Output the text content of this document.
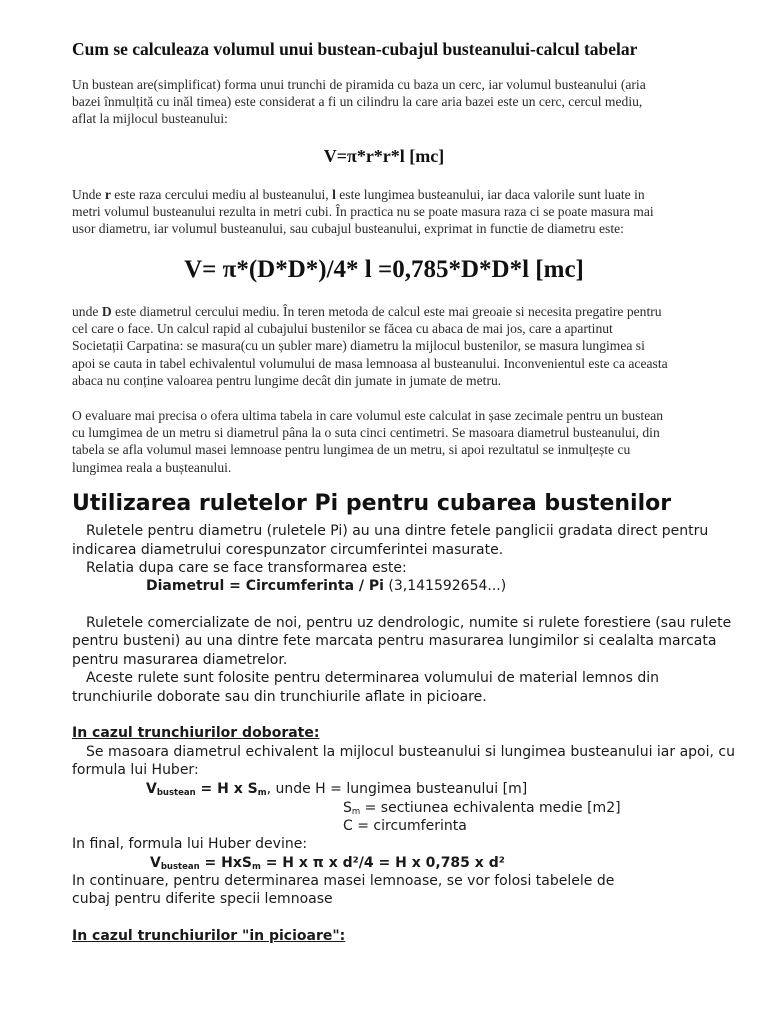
Cum se calculeaza volumul unui bustean-cubajul busteanului-calcul tabelar
Un bustean are(simplificat) forma unui trunchi de piramida cu baza un cerc, iar volumul busteanului (aria
bazei înmulțită cu inăl timea) este considerat a fi un cilindru la care aria bazei este un cerc, cercul mediu,
aflat la mijlocul busteanului:
V=π*r*r*l [mc]
Unde r este raza cercului mediu al busteanului, l este lungimea busteanului, iar daca valorile sunt luate in
metri volumul busteanului rezulta in metri cubi. În practica nu se poate masura raza ci se poate masura mai
usor diametru, iar volumul busteanului, sau cubajul busteanului, exprimat in functie de diametru este:
V= π*(D*D*)/4* l =0,785*D*D*l [mc]
unde D este diametrul cercului mediu. În teren metoda de calcul este mai greoaie si necesita pregatire pentru
cel care o face. Un calcul rapid al cubajului bustenilor se făcea cu abaca de mai jos, care a apartinut
Societații Carpatina: se masura(cu un șubler mare) diametru la mijlocul bustenilor, se masura lungimea si
apoi se cauta in tabel echivalentul volumului de masa lemnoasa al busteanului. Inconvenientul este ca aceasta
abaca nu conține valoarea pentru lungime decât din jumate in jumate de metru.
O evaluare mai precisa o ofera ultima tabela in care volumul este calculat in șase zecimale pentru un bustean
cu lumgimea de un metru si diametrul pâna la o suta cinci centimetri. Se masoara diametrul busteanului, din
tabela se afla volumul masei lemnoase pentru lungimea de un metru, si apoi rezultatul se inmulțește cu
lungimea reala a bușteanului.
Utilizarea ruletelor Pi pentru cubarea bustenilor
Ruletele pentru diametru (ruletele Pi) au una dintre fetele panglicii gradata direct pentru
indicarea diametrului corespunzator circumferintei masurate.
Relatia dupa care se face transformarea este:
Diametrul = Circumferinta / Pi (3,141592654...)
Ruletele comercializate de noi, pentru uz dendrologic, numite si rulete forestiere (sau rulete
pentru busteni) au una dintre fete marcata pentru masurarea lungimilor si cealalta marcata
pentru masurarea diametrelor.
Aceste rulete sunt folosite pentru determinarea volumului de material lemnos din
trunchiurile doborate sau din trunchiurile aflate in picioare.
In cazul trunchiurilor doborate:
Se masoara diametrul echivalent la mijlocul busteanului si lungimea busteanului iar apoi, cu
formula lui Huber:
$V_{bustean} = H$ x $S_m$, unde H = lungimea busteanului [m]
Sm = sectiunea echivalenta medie [m2]
C = circumferinta
In final, formula lui Huber devine:
$V_{bustean} = HxS_m = H$ x π x d²/4 = H x 0,785 x d²
In continuare, pentru determinarea masei lemnoase, se vor folosi tabelele de
cubaj pentru diferite specii lemnoase
In cazul trunchiurilor "in picioare":
